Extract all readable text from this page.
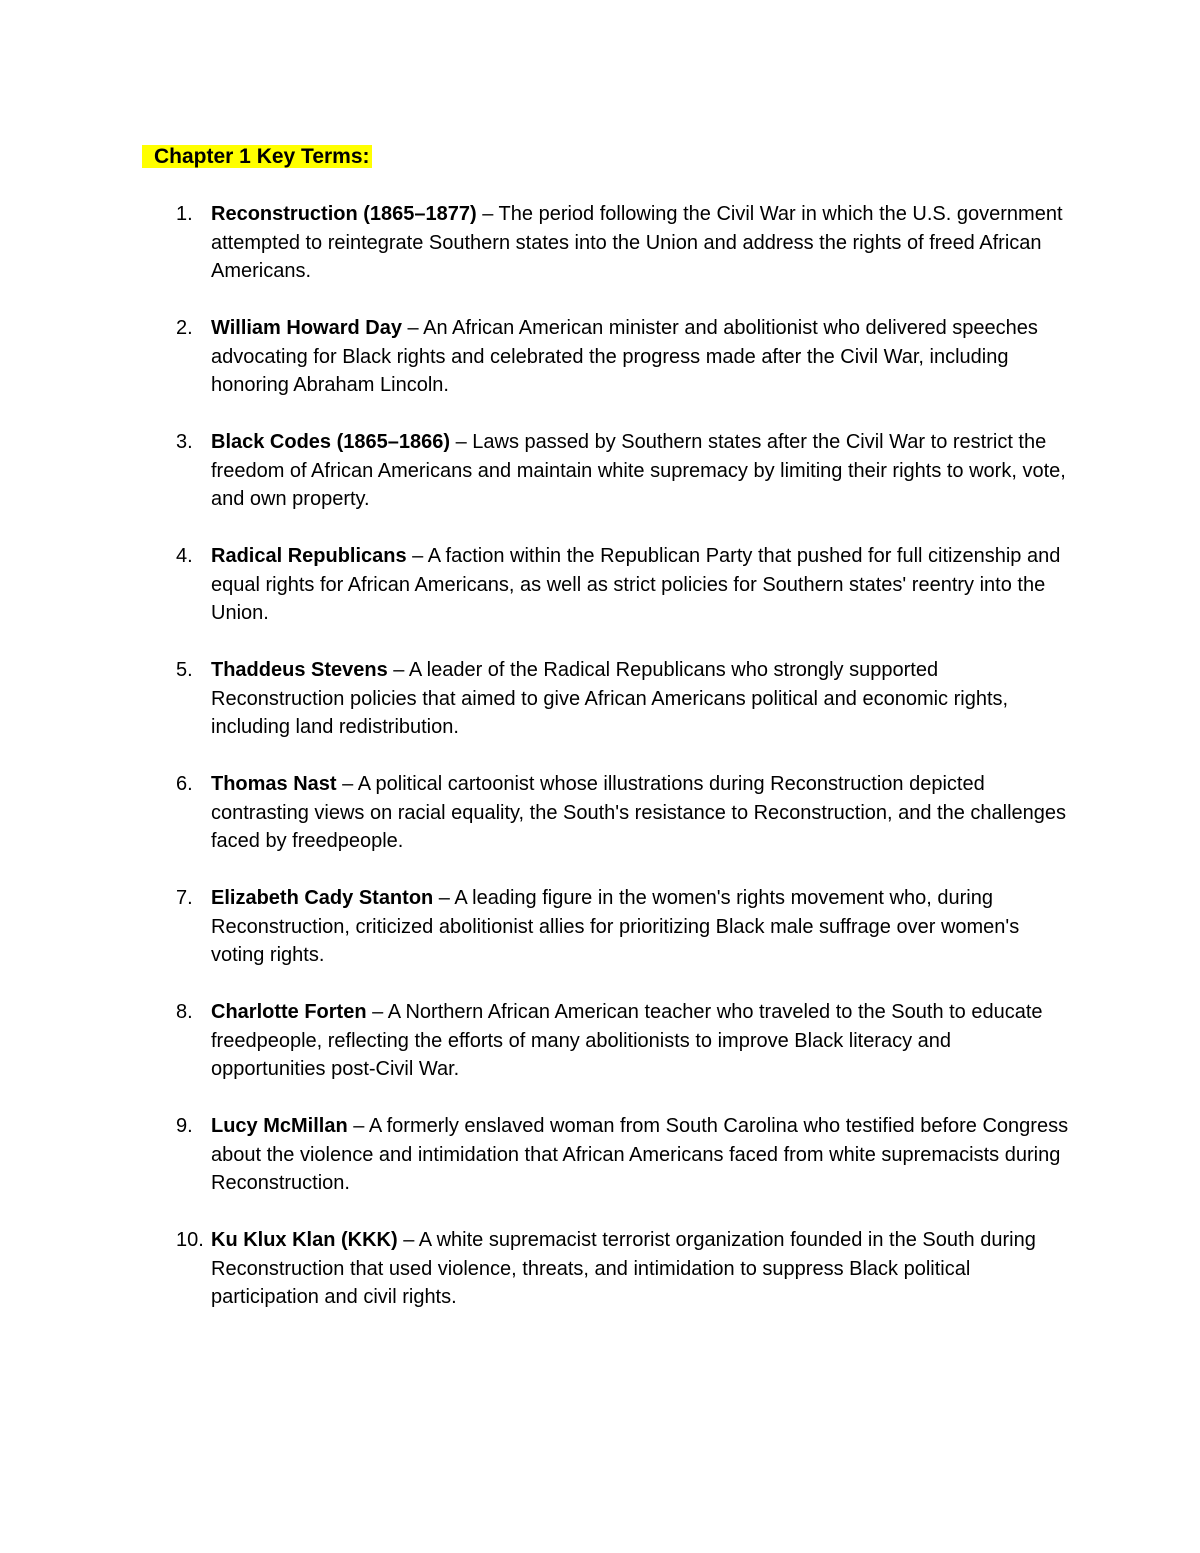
Chapter 1 Key Terms:
1. Reconstruction (1865–1877) – The period following the Civil War in which the U.S. government attempted to reintegrate Southern states into the Union and address the rights of freed African Americans.
2. William Howard Day – An African American minister and abolitionist who delivered speeches advocating for Black rights and celebrated the progress made after the Civil War, including honoring Abraham Lincoln.
3. Black Codes (1865–1866) – Laws passed by Southern states after the Civil War to restrict the freedom of African Americans and maintain white supremacy by limiting their rights to work, vote, and own property.
4. Radical Republicans – A faction within the Republican Party that pushed for full citizenship and equal rights for African Americans, as well as strict policies for Southern states' reentry into the Union.
5. Thaddeus Stevens – A leader of the Radical Republicans who strongly supported Reconstruction policies that aimed to give African Americans political and economic rights, including land redistribution.
6. Thomas Nast – A political cartoonist whose illustrations during Reconstruction depicted contrasting views on racial equality, the South's resistance to Reconstruction, and the challenges faced by freedpeople.
7. Elizabeth Cady Stanton – A leading figure in the women's rights movement who, during Reconstruction, criticized abolitionist allies for prioritizing Black male suffrage over women's voting rights.
8. Charlotte Forten – A Northern African American teacher who traveled to the South to educate freedpeople, reflecting the efforts of many abolitionists to improve Black literacy and opportunities post-Civil War.
9. Lucy McMillan – A formerly enslaved woman from South Carolina who testified before Congress about the violence and intimidation that African Americans faced from white supremacists during Reconstruction.
10. Ku Klux Klan (KKK) – A white supremacist terrorist organization founded in the South during Reconstruction that used violence, threats, and intimidation to suppress Black political participation and civil rights.
